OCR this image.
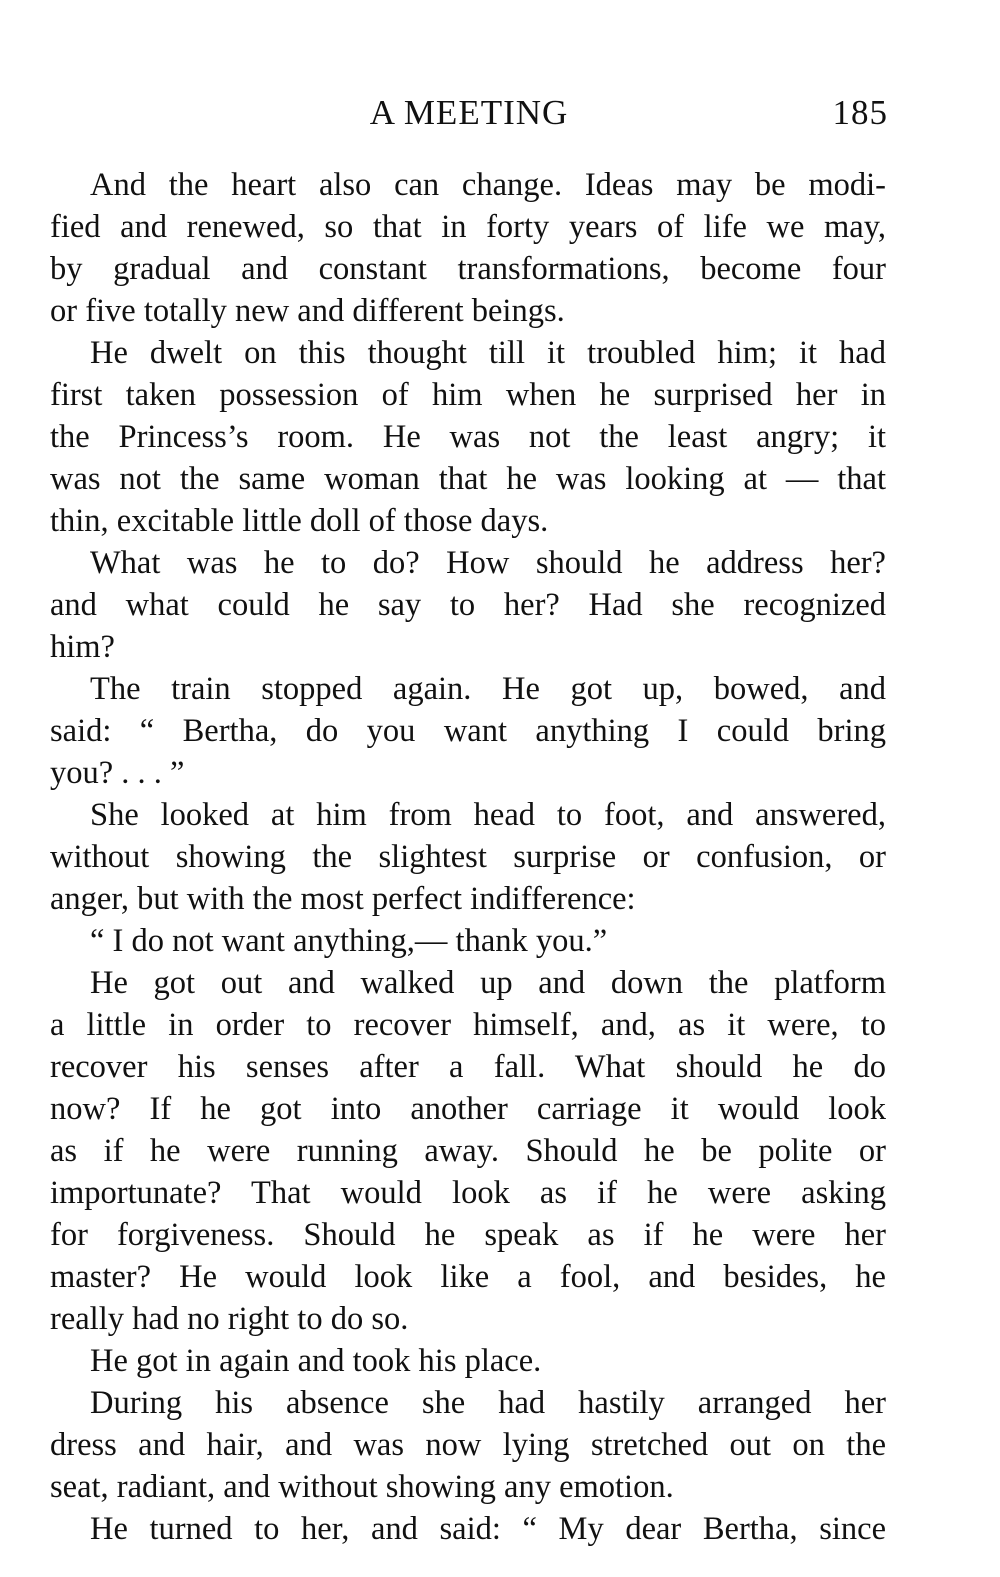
A MEETING	185
And the heart also can change. Ideas may be modi-
fied and renewed, so that in forty years of life we may,
by gradual and constant transformations, become four
or five totally new and different beings.
He dwelt on this thought till it troubled him; it had
first taken possession of him when he surprised her in
the Princess’s room. He was not the least angry; it
was not the same woman that he was looking at — that
thin, excitable little doll of those days.
What was he to do? How should he address her?
and what could he say to her? Had she recognized
him?
The train stopped again. He got up, bowed, and
said: “ Bertha, do you want anything I could bring
you? . . . ”
She looked at him from head to foot, and answered,
without showing the slightest surprise or confusion, or
anger, but with the most perfect indifference:
“ I do not want anything,— thank you.”
He got out and walked up and down the platform
a little in order to recover himself, and, as it were, to
recover his senses after a fall. What should he do
now? If he got into another carriage it would look
as if he were running away. Should he be polite or
importunate? That would look as if he were asking
for forgiveness. Should he speak as if he were her
master? He would look like a fool, and besides, he
really had no right to do so.
He got in again and took his place.
During his absence she had hastily arranged her
dress and hair, and was now lying stretched out on the
seat, radiant, and without showing any emotion.
He turned to her, and said: “ My dear Bertha, since
